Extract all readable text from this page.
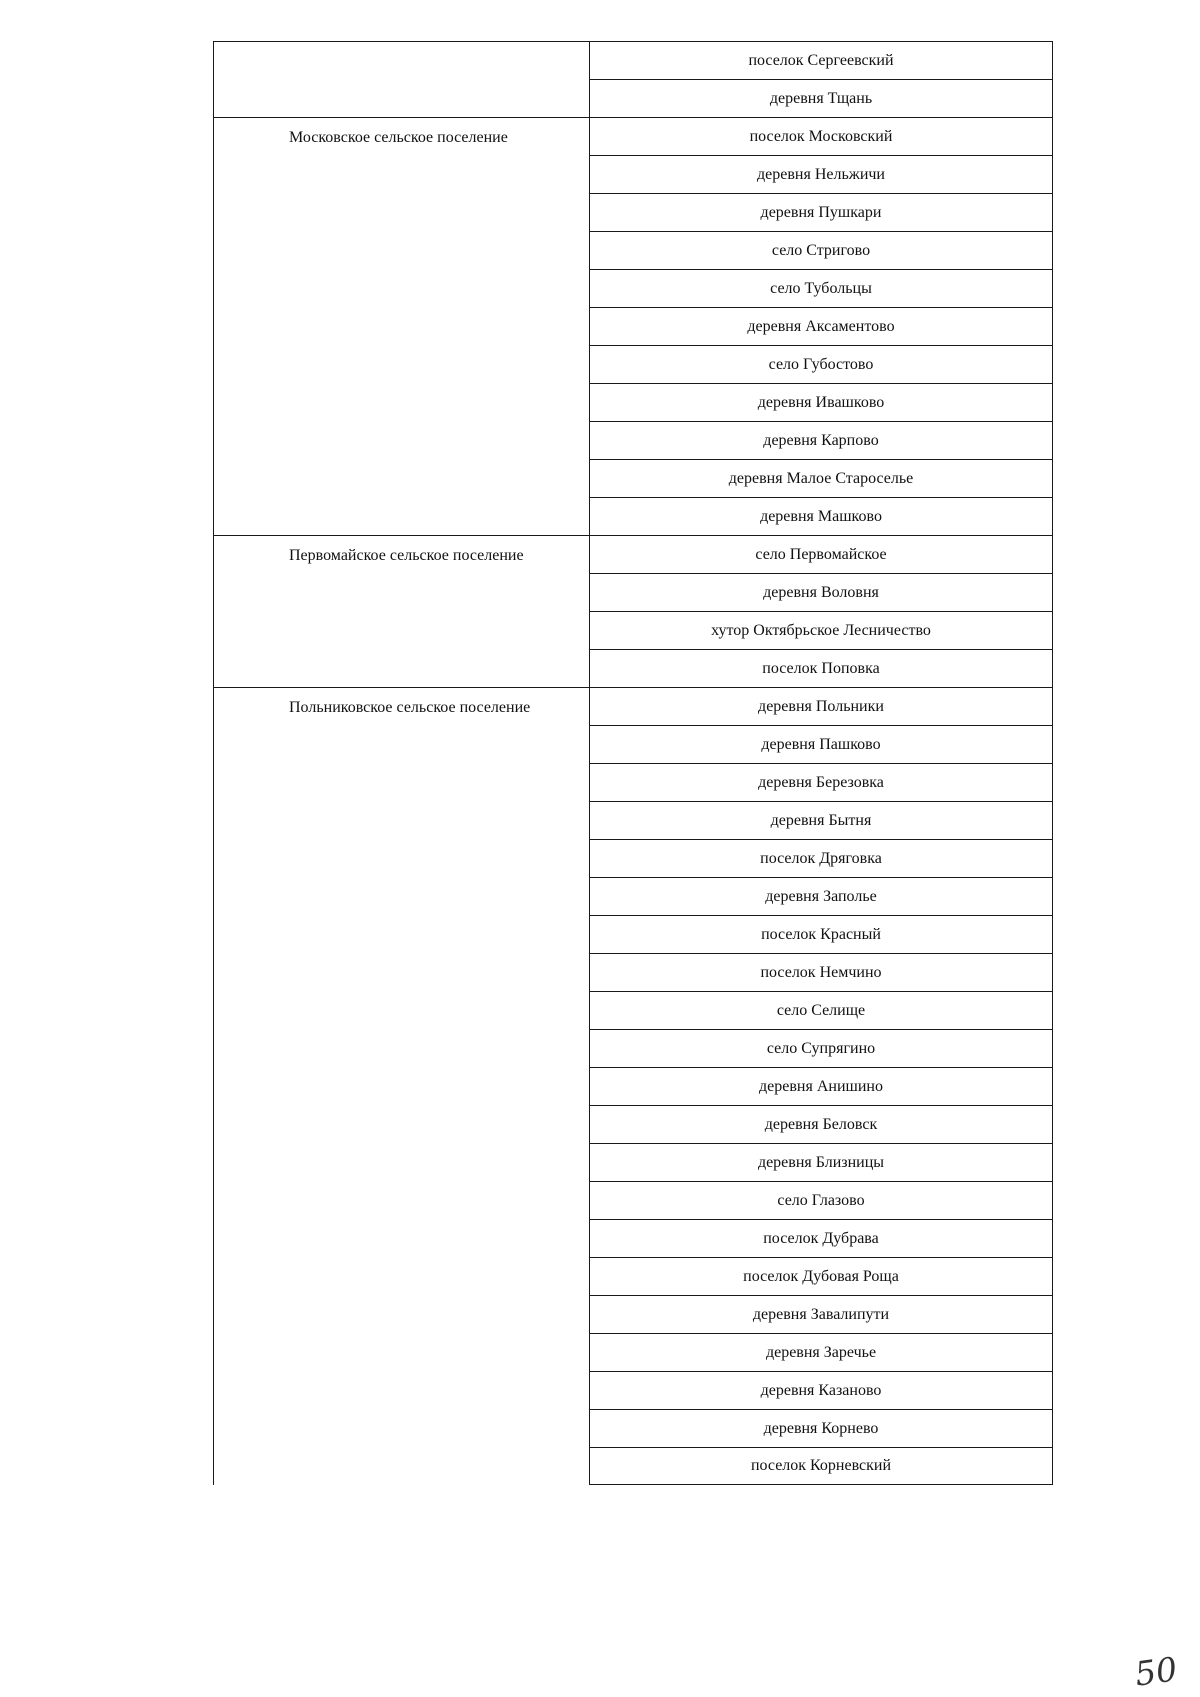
	поселок Сергеевский
	деревня Тщань
Московское сельское поселение	поселок Московский
	деревня Нельжичи
	деревня Пушкари
	село Стригово
	село Тубольцы
	деревня Аксаментово
	село Губостово
	деревня Ивашково
	деревня Карпово
	деревня Малое Староселье
	деревня Машково
Первомайское сельское поселение	село Первомайское
	деревня Воловня
	хутор Октябрьское Лесничество
	поселок Поповка
Польниковское сельское поселение	деревня Польники
	деревня Пашково
	деревня Березовка
	деревня Бытня
	поселок Дряговка
	деревня Заполье
	поселок Красный
	поселок Немчино
	село Селище
	село Супрягино
	деревня Анишино
	деревня Беловск
	деревня Близницы
	село Глазово
	поселок Дубрава
	поселок Дубовая Роща
	деревня Завалипути
	деревня Заречье
	деревня Казаново
	деревня Корнево
	поселок Корневский
50
